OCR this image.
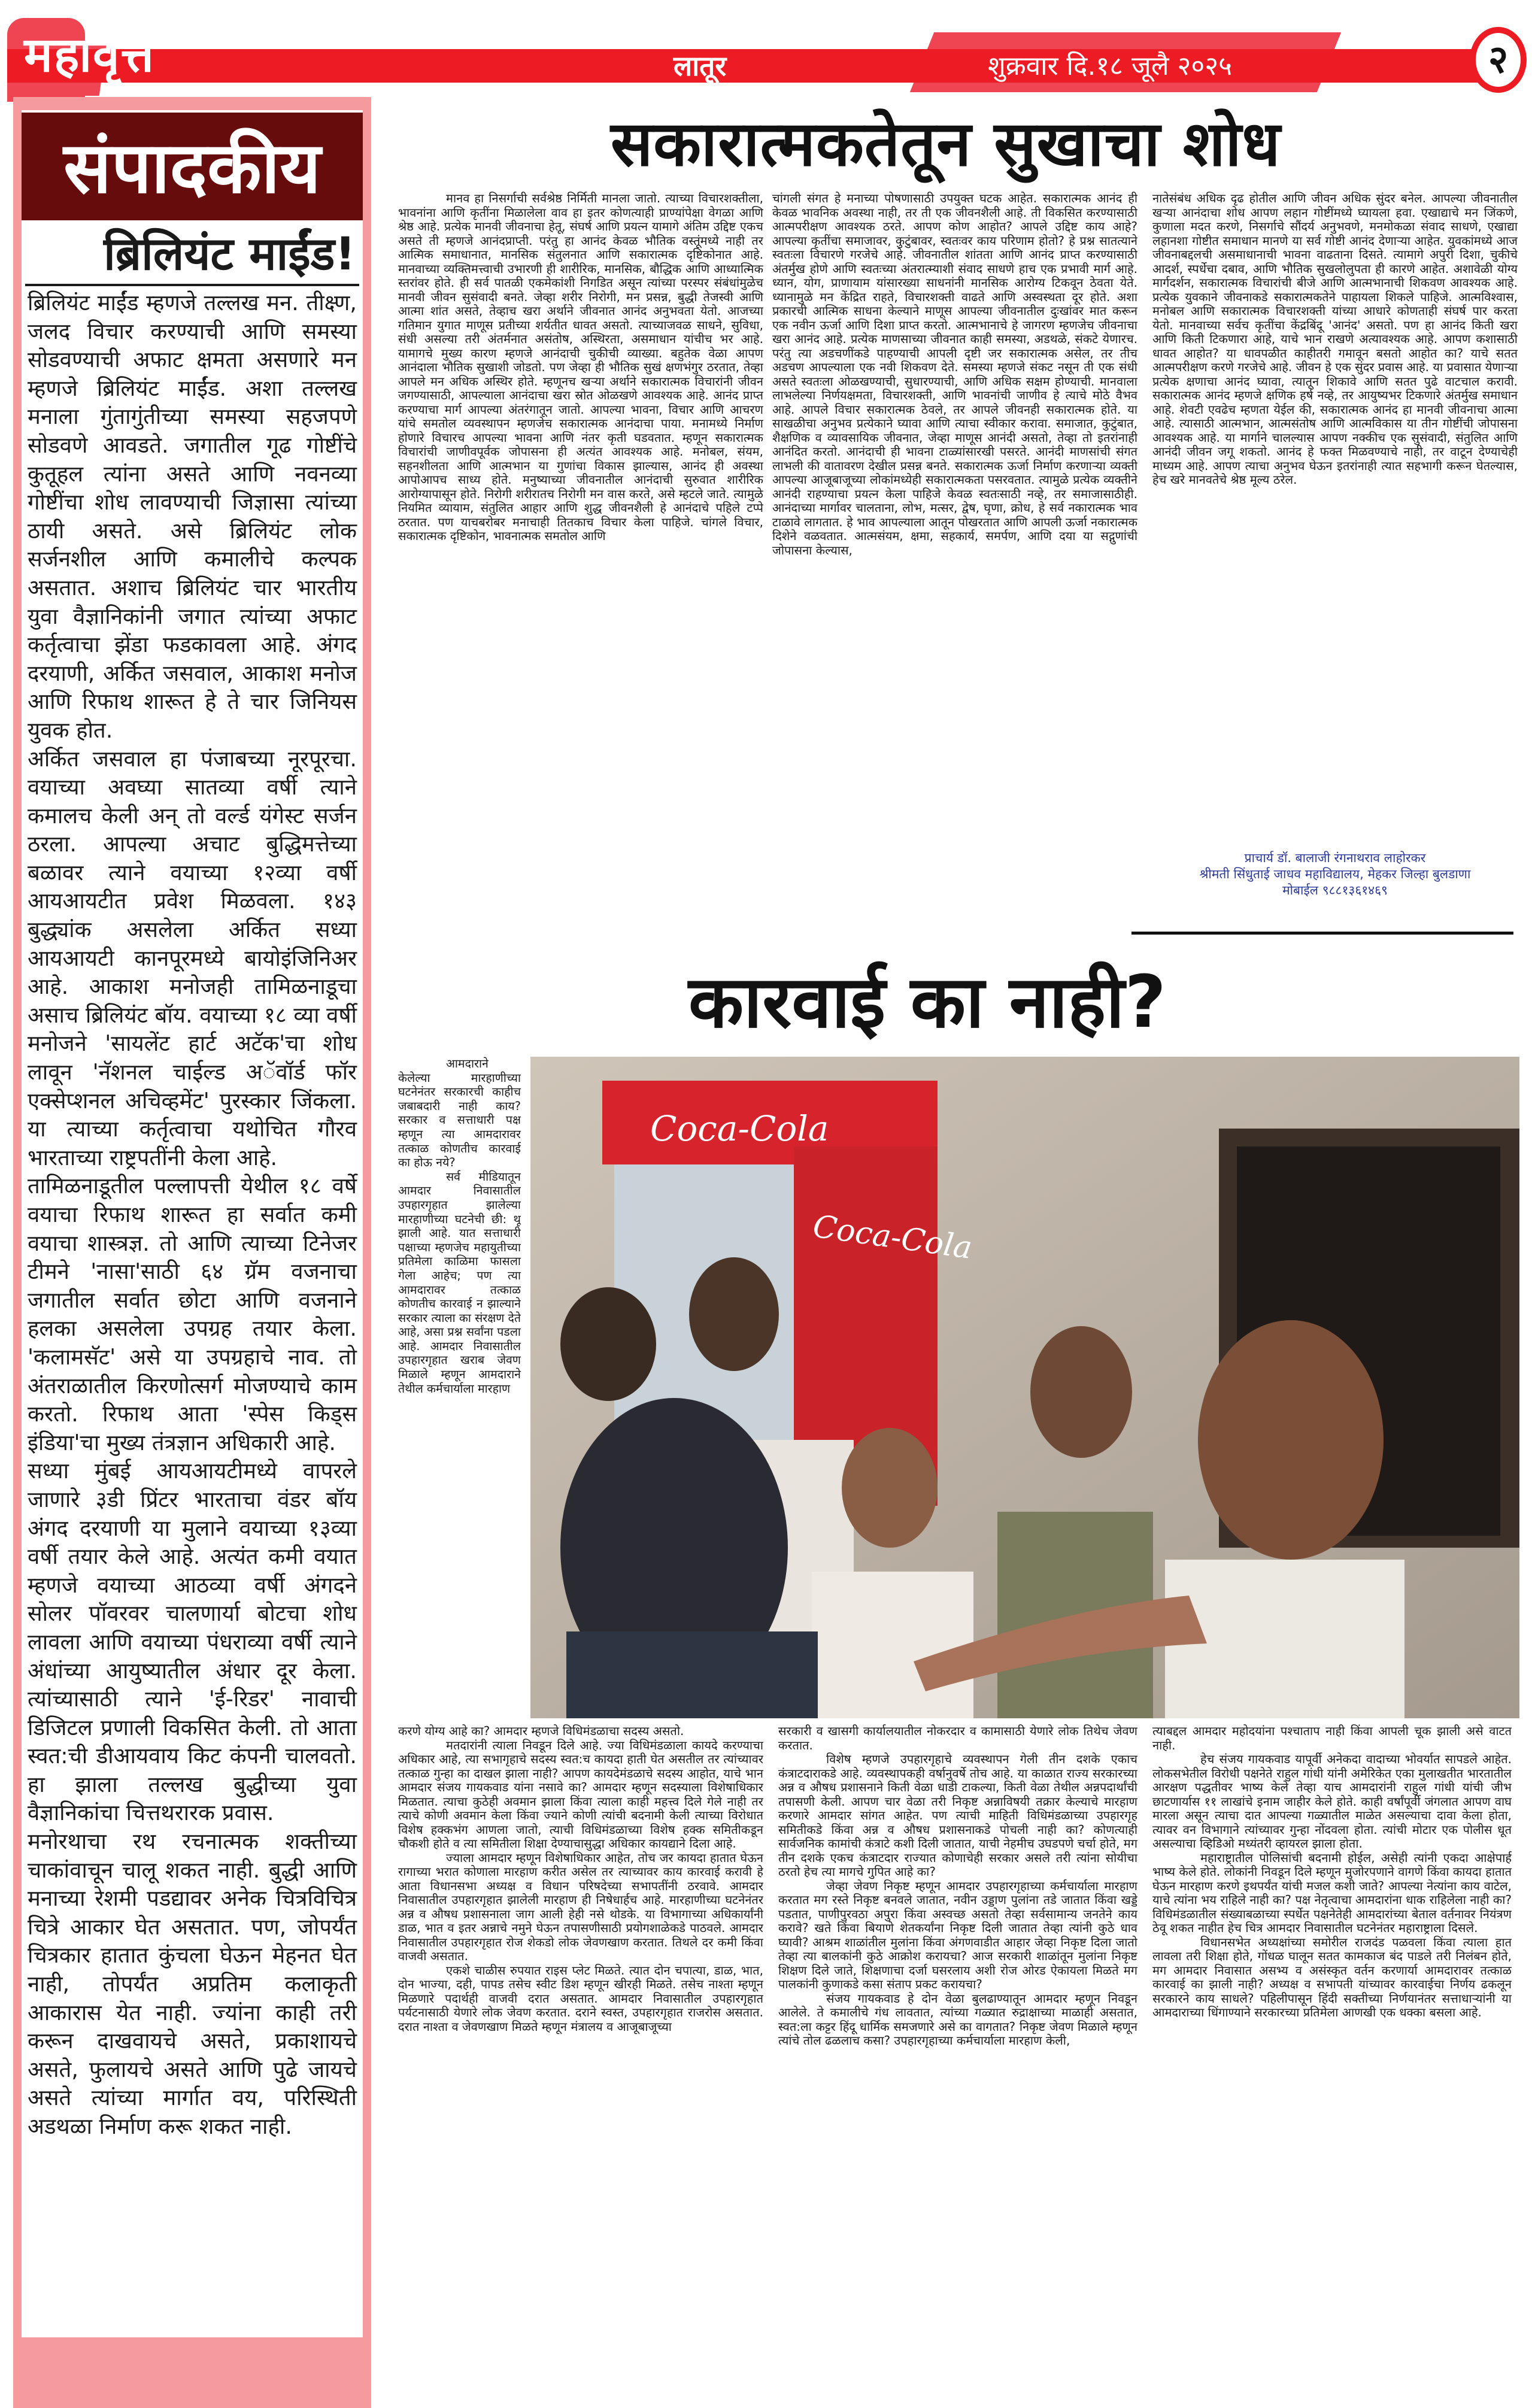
महावृत्त	लातूर	शुक्रवार दि.१८ जूलै २०२५	२
संपादकीय
ब्रिलियंट माईंड!

ब्रिलियंट माईंड म्हणजे तल्लख मन. तीक्ष्ण, जलद विचार करण्याची आणि समस्या सोडवण्याची अफाट क्षमता असणारे मन म्हणजे ब्रिलियंट माईंड. अशा तल्लख मनाला गुंतागुंतीच्या समस्या सहजपणे सोडवणे आवडते. जगातील गूढ गोष्टींचे कुतूहल त्यांना असते आणि नवनव्या गोष्टींचा शोध लावण्याची जिज्ञासा त्यांच्या ठायी असते. असे ब्रिलियंट लोक सर्जनशील आणि कमालीचे कल्पक असतात. अशाच ब्रिलियंट चार भारतीय युवा वैज्ञानिकांनी जगात त्यांच्या अफाट कर्तृत्वाचा झेंडा फडकावला आहे. अंगद दरयाणी, अर्कित जसवाल, आकाश मनोज आणि रिफाथ शारूत हे ते चार जिनियस युवक होत.

अर्कित जसवाल हा पंजाबच्या नूरपूरचा. वयाच्या अवघ्या सातव्या वर्षी त्याने कमालच केली अन् तो वर्ल्ड यंगेस्ट सर्जन ठरला. आपल्या अचाट बुद्धिमत्तेच्या बळावर त्याने वयाच्या १२व्या वर्षी आयआयटीत प्रवेश मिळवला. १४३ बुद्ध्यांक असलेला अर्कित सध्या आयआयटी कानपूरमध्ये बायोइंजिनिअर आहे. आकाश मनोजही तामिळनाडूचा असाच ब्रिलियंट बॉय. वयाच्या १८ व्या वर्षी मनोजने 'सायलेंट हार्ट अटॅक'चा शोध लावून 'नॅशनल चाईल्ड अॅवॉर्ड फॉर एक्सेप्शनल अचिव्हमेंट' पुरस्कार जिंकला. या त्याच्या कर्तृत्वाचा यथोचित गौरव भारताच्या राष्ट्रपतींनी केला आहे.

तामिळनाडूतील पल्लापत्ती येथील १८ वर्षे वयाचा रिफाथ शारूत हा सर्वात कमी वयाचा शास्त्रज्ञ. तो आणि त्याच्या टिनेजर टीमने 'नासा'साठी ६४ ग्रॅम वजनाचा जगातील सर्वात छोटा आणि वजनाने हलका असलेला उपग्रह तयार केला. 'कलामसॅट' असे या उपग्रहाचे नाव. तो अंतराळातील किरणोत्सर्ग मोजण्याचे काम करतो. रिफाथ आता 'स्पेस किड्स इंडिया'चा मुख्य तंत्रज्ञान अधिकारी आहे.

सध्या मुंबई आयआयटीमध्ये वापरले जाणारे ३डी प्रिंटर भारताचा वंडर बॉय अंगद दरयाणी या मुलाने वयाच्या १३व्या वर्षी तयार केले आहे. अत्यंत कमी वयात म्हणजे वयाच्या आठव्या वर्षी अंगदने सोलर पॉवरवर चालणार्या बोटचा शोध लावला आणि वयाच्या पंधराव्या वर्षी त्याने अंधांच्या आयुष्यातील अंधार दूर केला. त्यांच्यासाठी त्याने 'ई-रिडर' नावाची डिजिटल प्रणाली विकसित केली. तो आता स्वत:ची डीआयवाय किट कंपनी चालवतो. हा झाला तल्लख बुद्धीच्या युवा वैज्ञानिकांचा चित्तथरारक प्रवास.

मनोरथाचा रथ रचनात्मक शक्तीच्या चाकांवाचून चालू शकत नाही. बुद्धी आणि मनाच्या रेशमी पडद्यावर अनेक चित्रविचित्र चित्रे आकार घेत असतात. पण, जोपर्यंत चित्रकार हातात कुंचला घेऊन मेहनत घेत नाही, तोपर्यंत अप्रतिम कलाकृती आकारास येत नाही. ज्यांना काही तरी करून दाखवायचे असते, प्रकाशायचे असते, फुलायचे असते आणि पुढे जायचे असते त्यांच्या मार्गात वय, परिस्थिती अडथळा निर्माण करू शकत नाही.

सकारात्मकतेतून सुखाचा शोध

मानव हा निसर्गाची सर्वश्रेष्ठ निर्मिती मानला जातो. त्याच्या विचारशक्तीला, भावनांना आणि कृतींना मिळालेला वाव हा इतर कोणत्याही प्राण्यांपेक्षा वेगळा आणि श्रेष्ठ आहे. प्रत्येक मानवी जीवनाचा हेतू, संघर्ष आणि प्रयत्न यामागे अंतिम उद्दिष्ट एकच असते ती म्हणजे आनंदप्राप्ती. परंतु हा आनंद केवळ भौतिक वस्तूंमध्ये नाही तर आत्मिक समाधानात, मानसिक संतुलनात आणि सकारात्मक दृष्टिकोनात आहे. मानवाच्या व्यक्तिमत्त्वाची उभारणी ही शारीरिक, मानसिक, बौद्धिक आणि आध्यात्मिक स्तरांवर होते. ही सर्व पातळी एकमेकांशी निगडित असून त्यांच्या परस्पर संबंधांमुळेच मानवी जीवन सुसंवादी बनते. जेव्हा शरीर निरोगी, मन प्रसन्न, बुद्धी तेजस्वी आणि आत्मा शांत असते, तेव्हाच खरा अर्थाने जीवनात आनंद अनुभवता येतो. आजच्या गतिमान युगात माणूस प्रतीच्या शर्यतीत धावत असतो. त्याच्याजवळ साधने, सुविधा, संधी असल्या तरी अंतर्मनात असंतोष, अस्थिरता, असमाधान यांचीच भर आहे. यामागचे मुख्य कारण म्हणजे आनंदाची चुकीची व्याख्या. बहुतेक वेळा आपण आनंदाला भौतिक सुखाशी जोडतो. पण जेव्हा ही भौतिक सुखं क्षणभंगुर ठरतात, तेव्हा आपले मन अधिक अस्थिर होते. म्हणूनच खऱ्या अर्थाने सकारात्मक विचारांनी जीवन जगण्यासाठी, आपल्याला आनंदाचा खरा स्रोत ओळखणे आवश्यक आहे. आनंद प्राप्त करण्याचा मार्ग आपल्या अंतरंगातून जातो. आपल्या भावना, विचार आणि आचरण यांचे समतोल व्यवस्थापन म्हणजेच सकारात्मक आनंदाचा पाया. मनामध्ये निर्माण होणारे विचारच आपल्या भावना आणि नंतर कृती घडवतात. म्हणून सकारात्मक विचारांची जाणीवपूर्वक जोपासना ही अत्यंत आवश्यक आहे. मनोबल, संयम, सहनशीलता आणि आत्मभान या गुणांचा विकास झाल्यास, आनंद ही अवस्था आपोआपच साध्य होते. मनुष्याच्या जीवनातील आनंदाची सुरुवात शारीरिक आरोग्यापासून होते. निरोगी शरीरातच निरोगी मन वास करते, असे म्हटले जाते. त्यामुळे नियमित व्यायाम, संतुलित आहार आणि शुद्ध जीवनशैली हे आनंदाचे पहिले टप्पे ठरतात. पण याचबरोबर मनाचाही तितकाच विचार केला पाहिजे. चांगले विचार, सकारात्मक दृष्टिकोन, भावनात्मक समतोल आणि

चांगली संगत हे मनाच्या पोषणासाठी उपयुक्त घटक आहेत. सकारात्मक आनंद ही केवळ भावनिक अवस्था नाही, तर ती एक जीवनशैली आहे. ती विकसित करण्यासाठी आत्मपरीक्षण आवश्यक ठरते. आपण कोण आहोत? आपले उद्दिष्ट काय आहे? आपल्या कृतींचा समाजावर, कुटुंबावर, स्वतःवर काय परिणाम होतो? हे प्रश्न सातत्याने स्वतःला विचारणे गरजेचे आहे. जीवनातील शांतता आणि आनंद प्राप्त करण्यासाठी अंतर्मुख होणे आणि स्वतःच्या अंतरात्म्याशी संवाद साधणे हाच एक प्रभावी मार्ग आहे. ध्यान, योग, प्राणायाम यांसारख्या साधनांनी मानसिक आरोग्य टिकवून ठेवता येते. ध्यानामुळे मन केंद्रित राहते, विचारशक्ती वाढते आणि अस्वस्थता दूर होते. अशा प्रकारची आत्मिक साधना केल्याने माणूस आपल्या जीवनातील दुःखांवर मात करून एक नवीन ऊर्जा आणि दिशा प्राप्त करतो. आत्मभानाचे हे जागरण म्हणजेच जीवनाचा खरा आनंद आहे. प्रत्येक माणसाच्या जीवनात काही समस्या, अडथळे, संकटे येणारच. परंतु त्या अडचणींकडे पाहण्याची आपली दृष्टी जर सकारात्मक असेल, तर तीच अडचण आपल्याला एक नवी शिकवण देते. समस्या म्हणजे संकट नसून ती एक संधी असते स्वतःला ओळखण्याची, सुधारण्याची, आणि अधिक सक्षम होण्याची. मानवाला लाभलेल्या निर्णयक्षमता, विचारशक्ती, आणि भावनांची जाणीव हे त्याचे मोठे वैभव आहे. आपले विचार सकारात्मक ठेवले, तर आपले जीवनही सकारात्मक होते. या साखळीचा अनुभव प्रत्येकाने घ्यावा आणि त्याचा स्वीकार करावा. समाजात, कुटुंबात, शैक्षणिक व व्यावसायिक जीवनात, जेव्हा माणूस आनंदी असतो, तेव्हा तो इतरांनाही आनंदित करतो. आनंदाची ही भावना टाळ्यांसारखी पसरते. आनंदी माणसांची संगत लाभली की वातावरण देखील प्रसन्न बनते. सकारात्मक ऊर्जा निर्माण करणाऱ्या व्यक्ती आपल्या आजूबाजूच्या लोकांमध्येही सकारात्मकता पसरवतात. त्यामुळे प्रत्येक व्यक्तीने आनंदी राहण्याचा प्रयत्न केला पाहिजे केवळ स्वतःसाठी नव्हे, तर समाजासाठीही. आनंदाच्या मार्गावर चालताना, लोभ, मत्सर, द्वेष, घृणा, क्रोध, हे सर्व नकारात्मक भाव टाळावे लागतात. हे भाव आपल्याला आतून पोखरतात आणि आपली ऊर्जा नकारात्मक दिशेने वळवतात. आत्मसंयम, क्षमा, सहकार्य, समर्पण, आणि दया या सद्गुणांची जोपासना केल्यास,

नातेसंबंध अधिक दृढ होतील आणि जीवन अधिक सुंदर बनेल. आपल्या जीवनातील खऱ्या आनंदाचा शोध आपण लहान गोष्टींमध्ये घ्यायला हवा. एखाद्याचे मन जिंकणे, कुणाला मदत करणे, निसर्गाचे सौंदर्य अनुभवणे, मनमोकळा संवाद साधणे, एखाद्या लहानशा गोष्टीत समाधान मानणे या सर्व गोष्टी आनंद देणाऱ्या आहेत. युवकांमध्ये आज जीवनाबद्दलची असमाधानाची भावना वाढताना दिसते. त्यामागे अपुरी दिशा, चुकीचे आदर्श, स्पर्धेचा दबाव, आणि भौतिक सुखलोलुपता ही कारणे आहेत. अशावेळी योग्य मार्गदर्शन, सकारात्मक विचारांची बीजे आणि आत्मभानाची शिकवण आवश्यक आहे. प्रत्येक युवकाने जीवनाकडे सकारात्मकतेने पाहायला शिकले पाहिजे. आत्मविश्वास, मनोबल आणि सकारात्मक विचारशक्ती यांच्या आधारे कोणताही संघर्ष पार करता येतो. मानवाच्या सर्वच कृतींचा केंद्रबिंदू 'आनंद' असतो. पण हा आनंद किती खरा आणि किती टिकणारा आहे, याचे भान राखणे अत्यावश्यक आहे. आपण कशासाठी धावत आहोत? या धावपळीत काहीतरी गमावून बसतो आहोत का? याचे सतत आत्मपरीक्षण करणे गरजेचे आहे. जीवन हे एक सुंदर प्रवास आहे. या प्रवासात येणाऱ्या प्रत्येक क्षणाचा आनंद घ्यावा, त्यातून शिकावे आणि सतत पुढे वाटचाल करावी. सकारात्मक आनंद म्हणजे क्षणिक हर्ष नव्हे, तर आयुष्यभर टिकणारे अंतर्मुख समाधान आहे. शेवटी एवढेच म्हणता येईल की, सकारात्मक आनंद हा मानवी जीवनाचा आत्मा आहे. त्यासाठी आत्मभान, आत्मसंतोष आणि आत्मविकास या तीन गोष्टींची जोपासना आवश्यक आहे. या मार्गाने चालल्यास आपण नक्कीच एक सुसंवादी, संतुलित आणि आनंदी जीवन जगू शकतो. आनंद हे फक्त मिळवण्याचे नाही, तर वाटून देण्याचेही माध्यम आहे. आपण त्याचा अनुभव घेऊन इतरांनाही त्यात सहभागी करून घेतल्यास, हेच खरे मानवतेचे श्रेष्ठ मूल्य ठरेल.

प्राचार्य डॉ. बालाजी रंगनाथराव लाहोरकर
श्रीमती सिंधुताई जाधव महाविद्यालय, मेहकर जिल्हा बुलडाणा
मोबाईल ९८८१३६१४६९
कारवाई का नाही?

आमदाराने केलेल्या मारहाणीच्या घटनेनंतर सरकारची काहीच जबाबदारी नाही काय? सरकार व सत्ताधारी पक्ष म्हणून त्या आमदारावर तत्काळ कोणतीच कारवाई का होऊ नये?

सर्व मीडियातून आमदार निवासातील उपहारगृहात झालेल्या मारहाणीच्या घटनेची छी: थू झाली आहे. यात सत्ताधारी पक्षाच्या म्हणजेच महायुतीच्या प्रतिमेला काळिमा फासला गेला आहेच; पण त्या आमदारावर तत्काळ कोणतीच कारवाई न झाल्याने सरकार त्याला का संरक्षण देते आहे, असा प्रश्न सर्वांना पडला आहे. आमदार निवासातील उपहारगृहात खराब जेवण मिळाले म्हणून आमदाराने तेथील कर्मचार्याला मारहाण

Coca-Cola
Coca-Cola

करणे योग्य आहे का? आमदार म्हणजे विधिमंडळाचा सदस्य असतो.

मतदारांनी त्याला निवडून दिले आहे. ज्या विधिमंडळाला कायदे करण्याचा अधिकार आहे, त्या सभागृहाचे सदस्य स्वत:च कायदा हाती घेत असतील तर त्यांच्यावर तत्काळ गुन्हा का दाखल झाला नाही? आपण कायदेमंडळाचे सदस्य आहोत, याचे भान आमदार संजय गायकवाड यांना नसावे का? आमदार म्हणून सदस्याला विशेषाधिकार मिळतात. त्याचा कुठेही अवमान झाला किंवा त्याला काही महत्त्व दिले गेले नाही तर त्याचे कोणी अवमान केला किंवा ज्याने कोणी त्यांची बदनामी केली त्याच्या विरोधात विशेष हक्कभंग आणला जातो, त्याची विधिमंडळाच्या विशेष हक्क समितीकडून चौकशी होते व त्या समितीला शिक्षा देण्याचासुद्धा अधिकार कायद्याने दिला आहे.

ज्याला आमदार म्हणून विशेषाधिकार आहेत, तोच जर कायदा हातात घेऊन रागाच्या भरात कोणाला मारहाण करीत असेल तर त्याच्यावर काय कारवाई करावी हे आता विधानसभा अध्यक्ष व विधान परिषदेच्या सभापतींनी ठरवावे. आमदार निवासातील उपहारगृहात झालेली मारहाण ही निषेधार्हच आहे. मारहाणीच्या घटनेनंतर अन्न व औषध प्रशासनाला जाग आली हेही नसे थोडके. या विभागाच्या अधिकार्यांनी डाळ, भात व इतर अन्नाचे नमुने घेऊन तपासणीसाठी प्रयोगशाळेकडे पाठवले. आमदार निवासातील उपहारगृहात रोज शेकडो लोक जेवणखाण करतात. तिथले दर कमी किंवा वाजवी असतात.

एकशे चाळीस रुपयात राइस प्लेट मिळते. त्यात दोन चपात्या, डाळ, भात, दोन भाज्या, दही, पापड तसेच स्वीट डिश म्हणून खीरही मिळते. तसेच नाश्ता म्हणून मिळणारे पदार्थही वाजवी दरात असतात. आमदार निवासातील उपहारगृहात पर्यटनासाठी येणारे लोक जेवण करतात. दराने स्वस्त, उपहारगृहात राजरोस असतात. दरात नाश्ता व जेवणखाण मिळते म्हणून मंत्रालय व आजूबाजूच्या

सरकारी व खासगी कार्यालयातील नोकरदार व कामासाठी येणारे लोक तिथेच जेवण करतात.

विशेष म्हणजे उपहारगृहाचे व्यवस्थापन गेली तीन दशके एकाच कंत्राटदाराकडे आहे. व्यवस्थापकही वर्षानुवर्षे तोच आहे. या काळात राज्य सरकारच्या अन्न व औषध प्रशासनाने किती वेळा धाडी टाकल्या, किती वेळा तेथील अन्नपदार्थांची तपासणी केली. आपण चार वेळा तरी निकृष्ट अन्नाविषयी तक्रार केल्याचे मारहाण करणारे आमदार सांगत आहेत. पण त्याची माहिती विधिमंडळाच्या उपहारगृह समितीकडे किंवा अन्न व औषध प्रशासनाकडे पोचली नाही का? कोणत्याही सार्वजनिक कामांची कंत्राटे कशी दिली जातात, याची नेहमीच उघडपणे चर्चा होते, मग तीन दशके एकच कंत्राटदार राज्यात कोणाचेही सरकार असले तरी त्यांना सोयीचा ठरतो हेच त्या मागचे गुपित आहे का?

जेव्हा जेवण निकृष्ट म्हणून आमदार उपहारगृहाच्या कर्मचार्याला मारहाण करतात मग रस्ते निकृष्ट बनवले जातात, नवीन उड्डाण पुलांना तडे जातात किंवा खड्डे पडतात, पाणीपुरवठा अपुरा किंवा अस्वच्छ असतो तेव्हा सर्वसामान्य जनतेने काय करावे? खते किंवा बियाणे शेतकर्यांना निकृष्ट दिली जातात तेव्हा त्यांनी कुठे धाव घ्यावी? आश्रम शाळांतील मुलांना किंवा अंगणवाडीत आहार जेव्हा निकृष्ट दिला जातो तेव्हा त्या बालकांनी कुठे आक्रोश करायचा? आज सरकारी शाळांतून मुलांना निकृष्ट शिक्षण दिले जाते, शिक्षणाचा दर्जा घसरलाय अशी रोज ओरड ऐकायला मिळते मग पालकांनी कुणाकडे कसा संताप प्रकट करायचा?

संजय गायकवाड हे दोन वेळा बुलढाण्यातून आमदार म्हणून निवडून आलेले. ते कमालीचे गंध लावतात, त्यांच्या गळ्यात रुद्राक्षाच्या माळाही असतात, स्वत:ला कट्टर हिंदू धार्मिक समजणारे असे का वागतात? निकृष्ट जेवण मिळाले म्हणून त्यांचे तोल ढळलाच कसा? उपहारगृहाच्या कर्मचार्याला मारहाण केली,

त्याबद्दल आमदार महोदयांना पश्चाताप नाही किंवा आपली चूक झाली असे वाटत नाही.

हेच संजय गायकवाड यापूर्वी अनेकदा वादाच्या भोवर्यात सापडले आहेत. लोकसभेतील विरोधी पक्षनेते राहुल गांधी यांनी अमेरिकेत एका मुलाखतीत भारतातील आरक्षण पद्धतीवर भाष्य केले तेव्हा याच आमदारांनी राहुल गांधी यांची जीभ छाटणार्यास ११ लाखांचे इनाम जाहीर केले होते. काही वर्षांपूर्वी जंगलात आपण वाघ मारला असून त्याचा दात आपल्या गळ्यातील माळेत असल्याचा दावा केला होता, त्यावर वन विभागाने त्यांच्यावर गुन्हा नोंदवला होता. त्यांची मोटार एक पोलीस धूत असल्याचा व्हिडिओ मध्यंतरी व्हायरल झाला होता.

महाराष्ट्रातील पोलिसांची बदनामी होईल, असेही त्यांनी एकदा आक्षेपार्ह भाष्य केले होते. लोकांनी निवडून दिले म्हणून मुजोरपणाने वागणे किंवा कायदा हातात घेऊन मारहाण करणे इथपर्यंत यांची मजल कशी जाते? आपल्या नेत्यांना काय वाटेल, याचे त्यांना भय राहिले नाही का? पक्ष नेतृत्वाचा आमदारांना धाक राहिलेला नाही का? विधिमंडळातील संख्याबळाच्या स्पर्धेत पक्षनेतेही आमदारांच्या बेताल वर्तनावर नियंत्रण ठेवू शकत नाहीत हेच चित्र आमदार निवासातील घटनेनंतर महाराष्ट्राला दिसले.

विधानसभेत अध्यक्षांच्या समोरील राजदंड पळवला किंवा त्याला हात लावला तरी शिक्षा होते, गोंधळ घालून सतत कामकाज बंद पाडले तरी निलंबन होते, मग आमदार निवासात असभ्य व असंस्कृत वर्तन करणार्या आमदारावर तत्काळ कारवाई का झाली नाही? अध्यक्ष व सभापती यांच्यावर कारवाईचा निर्णय ढकलून सरकारने काय साधले? पहिलीपासून हिंदी सक्तीच्या निर्णयानंतर सत्ताधाऱ्यांनी या आमदाराच्या धिंगाण्याने सरकारच्या प्रतिमेला आणखी एक धक्का बसला आहे.
